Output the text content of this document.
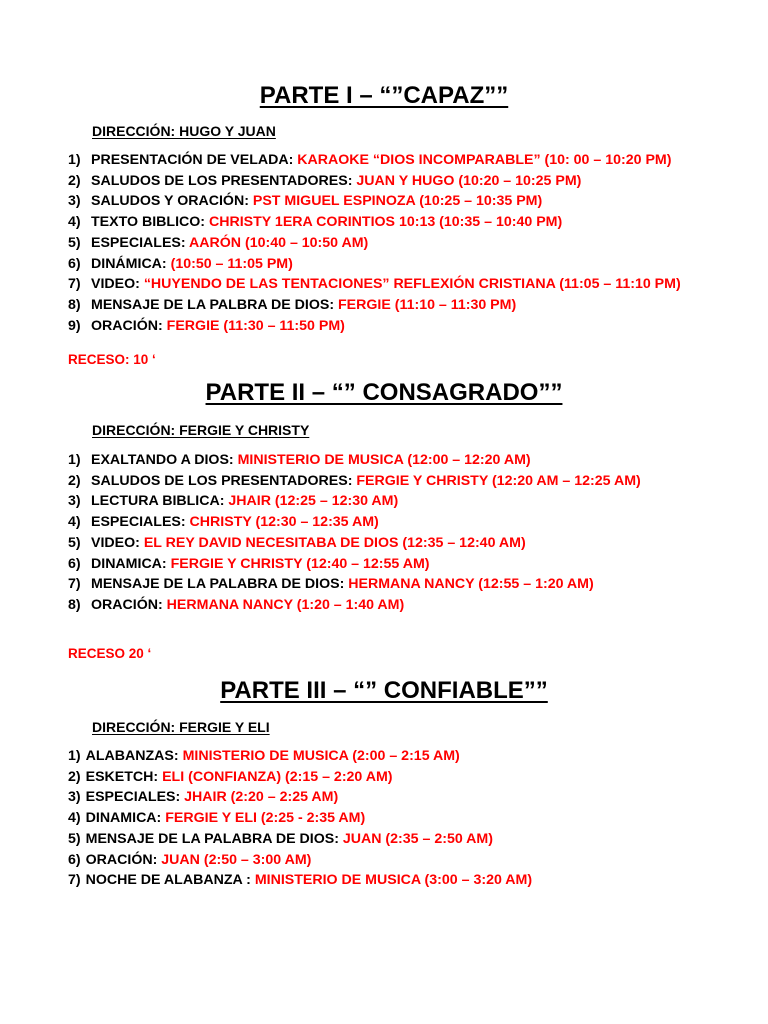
PARTE I – “”CAPAZ””
DIRECCIÓN: HUGO Y JUAN
1) PRESENTACIÓN DE VELADA: KARAOKE “DIOS INCOMPARABLE” (10: 00 – 10:20 PM)
2) SALUDOS DE LOS PRESENTADORES: JUAN Y HUGO (10:20 – 10:25 PM)
3) SALUDOS Y ORACIÓN: PST MIGUEL ESPINOZA (10:25 – 10:35 PM)
4) TEXTO BIBLICO: CHRISTY 1ERA CORINTIOS 10:13 (10:35 – 10:40 PM)
5) ESPECIALES: AARÓN (10:40 – 10:50 AM)
6) DINÁMICA: (10:50 – 11:05 PM)
7) VIDEO: “HUYENDO DE LAS TENTACIONES” REFLEXIÓN CRISTIANA (11:05 – 11:10 PM)
8) MENSAJE DE LA PALBRA DE DIOS: FERGIE (11:10 – 11:30 PM)
9) ORACIÓN: FERGIE (11:30 – 11:50 PM)
RECESO: 10 ‘
PARTE II – “” CONSAGRADO””
DIRECCIÓN: FERGIE Y CHRISTY
1) EXALTANDO A DIOS: MINISTERIO DE MUSICA (12:00 – 12:20 AM)
2) SALUDOS DE LOS PRESENTADORES: FERGIE Y CHRISTY (12:20 AM – 12:25 AM)
3) LECTURA BIBLICA: JHAIR (12:25 – 12:30 AM)
4) ESPECIALES: CHRISTY (12:30 – 12:35 AM)
5) VIDEO: EL REY DAVID NECESITABA DE DIOS (12:35 – 12:40 AM)
6) DINAMICA: FERGIE Y CHRISTY (12:40 – 12:55 AM)
7) MENSAJE DE LA PALABRA DE DIOS: HERMANA NANCY (12:55 – 1:20 AM)
8) ORACIÓN: HERMANA NANCY (1:20 – 1:40 AM)
RECESO 20 ‘
PARTE III – “” CONFIABLE””
DIRECCIÓN: FERGIE Y ELI
1) ALABANZAS: MINISTERIO DE MUSICA (2:00 – 2:15 AM)
2) ESKETCH: ELI (CONFIANZA) (2:15 – 2:20 AM)
3) ESPECIALES: JHAIR (2:20 – 2:25 AM)
4) DINAMICA: FERGIE Y ELI (2:25 - 2:35 AM)
5) MENSAJE DE LA PALABRA DE DIOS: JUAN (2:35 – 2:50 AM)
6) ORACIÓN: JUAN (2:50 – 3:00 AM)
7) NOCHE DE ALABANZA : MINISTERIO DE MUSICA (3:00 – 3:20 AM)
